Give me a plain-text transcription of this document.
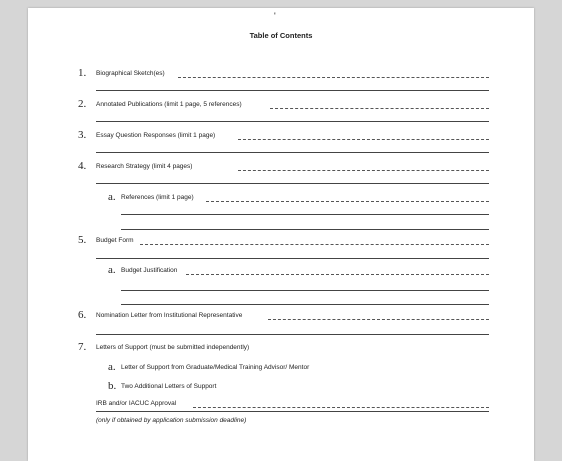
'
Table of Contents
1. Biographical Sketch(es)
2. Annotated Publications (limit 1 page, 5 references)
3. Essay Question Responses (limit 1 page)
4. Research Strategy (limit 4 pages)
a. References (limit 1 page)
5. Budget Form
a. Budget Justification
6. Nomination Letter from Institutional Representative
7. Letters of Support (must be submitted independently)
a. Letter of Support from Graduate/Medical Training Advisor/ Mentor
b. Two Additional Letters of Support
IRB and/or IACUC Approval
(only if obtained by application submission deadline)
